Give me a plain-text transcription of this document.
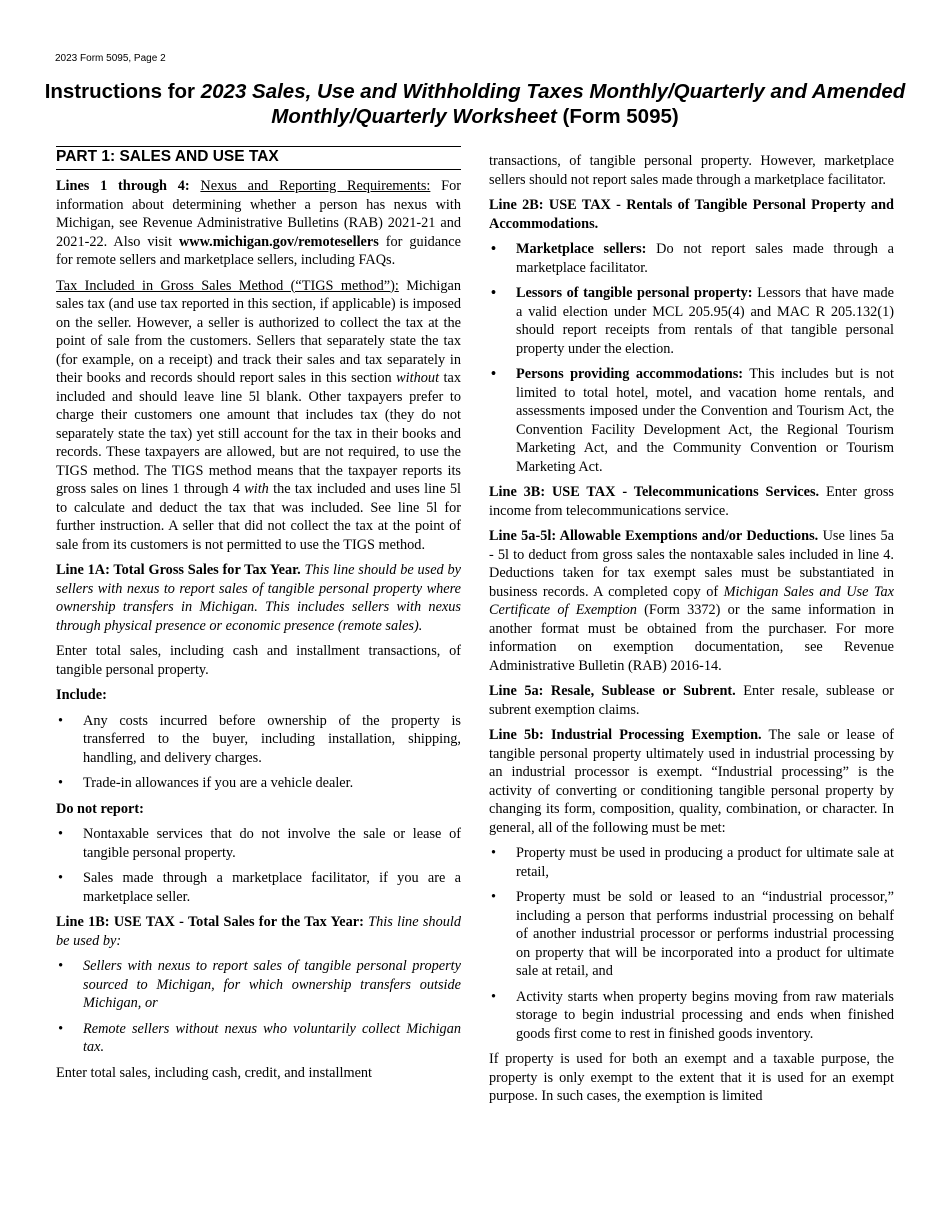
2023 Form 5095, Page 2
Instructions for 2023 Sales, Use and Withholding Taxes Monthly/Quarterly and Amended Monthly/Quarterly Worksheet (Form 5095)
PART 1: SALES AND USE TAX

Lines 1 through 4: Nexus and Reporting Requirements: For information about determining whether a person has nexus with Michigan, see Revenue Administrative Bulletins (RAB) 2021-21 and 2021-22. Also visit www.michigan.gov/remotesellers for guidance for remote sellers and marketplace sellers, including FAQs.

Tax Included in Gross Sales Method (“TIGS method”): Michigan sales tax (and use tax reported in this section, if applicable) is imposed on the seller. However, a seller is authorized to collect the tax at the point of sale from the customers. Sellers that separately state the tax (for example, on a receipt) and track their sales and tax separately in their books and records should report sales in this section without tax included and should leave line 5l blank. Other taxpayers prefer to charge their customers one amount that includes tax (they do not separately state the tax) yet still account for the tax in their books and records. These taxpayers are allowed, but are not required, to use the TIGS method. The TIGS method means that the taxpayer reports its gross sales on lines 1 through 4 with the tax included and uses line 5l to calculate and deduct the tax that was included. See line 5l for further instruction. A seller that did not collect the tax at the point of sale from its customers is not permitted to use the TIGS method.

Line 1A: Total Gross Sales for Tax Year. This line should be used by sellers with nexus to report sales of tangible personal property where ownership transfers in Michigan. This includes sellers with nexus through physical presence or economic presence (remote sales).

Enter total sales, including cash and installment transactions, of tangible personal property.

Include:

• Any costs incurred before ownership of the property is transferred to the buyer, including installation, shipping, handling, and delivery charges.
• Trade-in allowances if you are a vehicle dealer.

Do not report:

• Nontaxable services that do not involve the sale or lease of tangible personal property.
• Sales made through a marketplace facilitator, if you are a marketplace seller.

Line 1B: USE TAX - Total Sales for the Tax Year: This line should be used by:

• Sellers with nexus to report sales of tangible personal property sourced to Michigan, for which ownership transfers outside Michigan, or
• Remote sellers without nexus who voluntarily collect Michigan tax.

Enter total sales, including cash, credit, and installment

transactions, of tangible personal property. However, marketplace sellers should not report sales made through a marketplace facilitator.

Line 2B: USE TAX - Rentals of Tangible Personal Property and Accommodations.

• Marketplace sellers: Do not report sales made through a marketplace facilitator.
• Lessors of tangible personal property: Lessors that have made a valid election under MCL 205.95(4) and MAC R 205.132(1) should report receipts from rentals of that tangible personal property under the election.
• Persons providing accommodations: This includes but is not limited to total hotel, motel, and vacation home rentals, and assessments imposed under the Convention and Tourism Act, the Convention Facility Development Act, the Regional Tourism Marketing Act, and the Community Convention or Tourism Marketing Act.

Line 3B: USE TAX - Telecommunications Services. Enter gross income from telecommunications service.

Line 5a-5l: Allowable Exemptions and/or Deductions. Use lines 5a - 5l to deduct from gross sales the nontaxable sales included in line 4. Deductions taken for tax exempt sales must be substantiated in business records. A completed copy of Michigan Sales and Use Tax Certificate of Exemption (Form 3372) or the same information in another format must be obtained from the purchaser. For more information on exemption documentation, see Revenue Administrative Bulletin (RAB) 2016-14.

Line 5a: Resale, Sublease or Subrent. Enter resale, sublease or subrent exemption claims.

Line 5b: Industrial Processing Exemption. The sale or lease of tangible personal property ultimately used in industrial processing by an industrial processor is exempt. “Industrial processing” is the activity of converting or conditioning tangible personal property by changing its form, composition, quality, combination, or character. In general, all of the following must be met:

• Property must be used in producing a product for ultimate sale at retail,
• Property must be sold or leased to an “industrial processor,” including a person that performs industrial processing on behalf of another industrial processor or performs industrial processing on property that will be incorporated into a product for ultimate sale at retail, and
• Activity starts when property begins moving from raw materials storage to begin industrial processing and ends when finished goods first come to rest in finished goods inventory.

If property is used for both an exempt and a taxable purpose, the property is only exempt to the extent that it is used for an exempt purpose. In such cases, the exemption is limited
